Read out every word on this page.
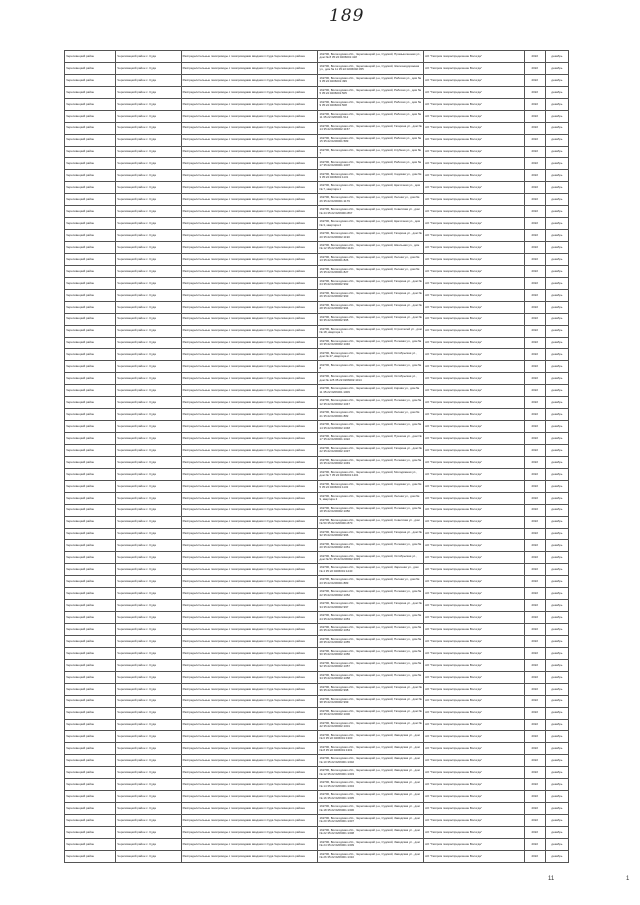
189
Череповецкий район	Череповецкий район с. Суда	Распределительные газопроводы с газопроводами вводами п.Суда Череповецкого района	162700, Вологодская обл., Череповецкий р-н, Судский, Промышленная ул., дом № 8 35:22:0206001:418	АО "Газпром газораспределение Вологда"	2022	декабрь
Череповецкий район	Череповецкий район с. Суда	Распределительные газопроводы с газопроводами вводами п.Суда Череповецкого района	162700, Вологодская обл., Череповецкий р-н, Судский, Железнодорожная ул., дом № 11 35:22:0206002:455	АО "Газпром газораспределение Вологда"	2022	декабрь
Череповецкий район	Череповецкий район с. Суда	Распределительные газопроводы с газопроводами вводами п.Суда Череповецкого района	162700, Вологодская обл., Череповецкий р-н, Судский, Рабочая ул., дом № 3 35:22:0206001:499	АО "Газпром газораспределение Вологда"	2022	декабрь
Череповецкий район	Череповецкий район с. Суда	Распределительные газопроводы с газопроводами вводами п.Суда Череповецкого района	162700, Вологодская обл., Череповецкий р-н, Судский, Рабочая ул., дом № 5 35:22:0206001:505	АО "Газпром газораспределение Вологда"	2022	декабрь
Череповецкий район	Череповецкий район с. Суда	Распределительные газопроводы с газопроводами вводами п.Суда Череповецкого района	162700, Вологодская обл., Череповецкий р-н, Судский, Рабочая ул., дом № 9 35:22:0206001:508	АО "Газпром газораспределение Вологда"	2022	декабрь
Череповецкий район	Череповецкий район с. Суда	Распределительные газопроводы с газопроводами вводами п.Суда Череповецкого района	162700, Вологодская обл., Череповецкий р-н, Судский, Рабочая ул., дом № 11 35:22:0206001:512	АО "Газпром газораспределение Вологда"	2022	декабрь
Череповецкий район	Череповецкий район с. Суда	Распределительные газопроводы с газопроводами вводами п.Суда Череповецкого района	162700, Вологодская обл., Череповецкий р-н, Судский, Гагарина ул., дом № 14 35:22:0206002:1157	АО "Газпром газораспределение Вологда"	2022	декабрь
Череповецкий район	Череповецкий район с. Суда	Распределительные газопроводы с газопроводами вводами п.Суда Череповецкого района	162700, Вологодская обл., Череповецкий р-н, Судский, Рабочая ул., дом № 15 35:22:0206001:583	АО "Газпром газораспределение Вологда"	2022	декабрь
Череповецкий район	Череповецкий район с. Суда	Распределительные газопроводы с газопроводами вводами п.Суда Череповецкого района	162700, Вологодская обл., Череповецкий р-н, Судский, Клубная ул., дом № 7	АО "Газпром газораспределение Вологда"	2022	декабрь
Череповецкий район	Череповецкий район с. Суда	Распределительные газопроводы с газопроводами вводами п.Суда Череповецкого района	162700, Вологодская обл., Череповецкий р-н, Судский, Рабочая ул., дом № 17 35:22:0206001:1007	АО "Газпром газораспределение Вологда"	2022	декабрь
Череповецкий район	Череповецкий район с. Суда	Распределительные газопроводы с газопроводами вводами п.Суда Череповецкого района	162700, Вологодская обл., Череповецкий р-н, Судский, Садовая ул., дом № 3 35:22:0206001:1131	АО "Газпром газораспределение Вологда"	2022	декабрь
Череповецкий район	Череповецкий район с. Суда	Распределительные газопроводы с газопроводами вводами п.Суда Череповецкого района	162700, Вологодская обл., Череповецкий р-н, Судский, Цветочная ул., дом № 7, квартира 1	АО "Газпром газораспределение Вологда"	2022	декабрь
Череповецкий район	Череповецкий район с. Суда	Распределительные газопроводы с газопроводами вводами п.Суда Череповецкого района	162700, Вологодская обл., Череповецкий р-н, Судский, Лесная ул., дом № 26 35:22:0206001:1179	АО "Газпром газораспределение Вологда"	2022	декабрь
Череповецкий район	Череповецкий район с. Суда	Распределительные газопроводы с газопроводами вводами п.Суда Череповецкого района	162700, Вологодская обл., Череповецкий р-н, Судский, Советская ул., дом № 44 35:22:0206001:867	АО "Газпром газораспределение Вологда"	2022	декабрь
Череповецкий район	Череповецкий район с. Суда	Распределительные газопроводы с газопроводами вводами п.Суда Череповецкого района	162700, Вологодская обл., Череповецкий р-н, Судский, Цветочная ул., дом № 3, квартира 2	АО "Газпром газораспределение Вологда"	2022	декабрь
Череповецкий район	Череповецкий район с. Суда	Распределительные газопроводы с газопроводами вводами п.Суда Череповецкого района	162700, Вологодская обл., Череповецкий р-н, Судский, Гагарина ул., дом № 20 35:22:0206002:1190	АО "Газпром газораспределение Вологда"	2022	декабрь
Череповецкий район	Череповецкий район с. Суда	Распределительные газопроводы с газопроводами вводами п.Суда Череповецкого района	162700, Вологодская обл., Череповецкий р-н, Судский, Школьная ул., дом № 12 35:22:0206002:1121	АО "Газпром газораспределение Вологда"	2022	декабрь
Череповецкий район	Череповецкий район с. Суда	Распределительные газопроводы с газопроводами вводами п.Суда Череповецкого района	162700, Вологодская обл., Череповецкий р-н, Судский, Лесная ул., дом № 13 35:22:0206001:826	АО "Газпром газораспределение Вологда"	2022	декабрь
Череповецкий район	Череповецкий район с. Суда	Распределительные газопроводы с газопроводами вводами п.Суда Череповецкого района	162700, Вологодская обл., Череповецкий р-н, Судский, Лесная ул., дом № 15 35:22:0206001:827	АО "Газпром газораспределение Вологда"	2022	декабрь
Череповецкий район	Череповецкий район с. Суда	Распределительные газопроводы с газопроводами вводами п.Суда Череповецкого района	162700, Вологодская обл., Череповецкий р-н, Судский, Гагарина ул., дом № 24 35:22:0206002:992	АО "Газпром газораспределение Вологда"	2022	декабрь
Череповецкий район	Череповецкий район с. Суда	Распределительные газопроводы с газопроводами вводами п.Суда Череповецкого района	162700, Вологодская обл., Череповецкий р-н, Судский, Гагарина ул., дом № 26 35:22:0206002:993	АО "Газпром газораспределение Вологда"	2022	декабрь
Череповецкий район	Череповецкий район с. Суда	Распределительные газопроводы с газопроводами вводами п.Суда Череповецкого района	162700, Вологодская обл., Череповецкий р-н, Судский, Гагарина ул., дом № 28 35:22:0206002:994	АО "Газпром газораспределение Вологда"	2022	декабрь
Череповецкий район	Череповецкий район с. Суда	Распределительные газопроводы с газопроводами вводами п.Суда Череповецкого района	162700, Вологодская обл., Череповецкий р-н, Судский, Гагарина ул., дом № 30 35:22:0206002:995	АО "Газпром газораспределение Вологда"	2022	декабрь
Череповецкий район	Череповецкий район с. Суда	Распределительные газопроводы с газопроводами вводами п.Суда Череповецкого района	162700, Вологодская обл., Череповецкий р-н, Судский, Строителей ул., дом № 18, квартира 1	АО "Газпром газораспределение Вологда"	2022	декабрь
Череповецкий район	Череповецкий район с. Суда	Распределительные газопроводы с газопроводами вводами п.Суда Череповецкого района	162700, Вологодская обл., Череповецкий р-н, Судский, Полевая ул., дом № 10 35:22:0206002:1046	АО "Газпром газораспределение Вологда"	2022	декабрь
Череповецкий район	Череповецкий район с. Суда	Распределительные газопроводы с газопроводами вводами п.Суда Череповецкого района	162700, Вологодская обл., Череповецкий р-н, Судский, Октябрьская ул., дом № 47, квартира 2	АО "Газпром газораспределение Вологда"	2022	декабрь
Череповецкий район	Череповецкий район с. Суда	Распределительные газопроводы с газопроводами вводами п.Суда Череповецкого района	162700, Вологодская обл., Череповецкий р-н, Судский, Полевая ул., дом № 8	АО "Газпром газораспределение Вологда"	2022	декабрь
Череповецкий район	Череповецкий район с. Суда	Распределительные газопроводы с газопроводами вводами п.Суда Череповецкого района	162700, Вологодская обл., Череповецкий р-н, Судский, Октябрьская ул., дом № 125 35:22:0206002:1014	АО "Газпром газораспределение Вологда"	2022	декабрь
Череповецкий район	Череповецкий район с. Суда	Распределительные газопроводы с газопроводами вводами п.Суда Череповецкого района	162700, Вологодская обл., Череповецкий р-н, Судский, Кирова ул., дом № 11 35:22:0206001:1009	АО "Газпром газораспределение Вологда"	2022	декабрь
Череповецкий район	Череповецкий район с. Суда	Распределительные газопроводы с газопроводами вводами п.Суда Череповецкого района	162700, Вологодская обл., Череповецкий р-н, Судский, Полевая ул., дом № 12 35:22:0206002:1047	АО "Газпром газораспределение Вологда"	2022	декабрь
Череповецкий район	Череповецкий район с. Суда	Распределительные газопроводы с газопроводами вводами п.Суда Череповецкого района	162700, Вологодская обл., Череповецкий р-н, Судский, Лесная ул., дом № 21 35:22:0206001:882	АО "Газпром газораспределение Вологда"	2022	декабрь
Череповецкий район	Череповецкий район с. Суда	Распределительные газопроводы с газопроводами вводами п.Суда Череповецкого района	162700, Вологодская обл., Череповецкий р-н, Судский, Полевая ул., дом № 14 35:22:0206002:1048	АО "Газпром газораспределение Вологда"	2022	декабрь
Череповецкий район	Череповецкий район с. Суда	Распределительные газопроводы с газопроводами вводами п.Суда Череповецкого района	162700, Вологодская обл., Череповецкий р-н, Судский, Пушкина ул., дом № 17 35:22:0206001:1022	АО "Газпром газораспределение Вологда"	2022	декабрь
Череповецкий район	Череповецкий район с. Суда	Распределительные газопроводы с газопроводами вводами п.Суда Череповецкого района	162700, Вологодская обл., Череповецкий р-н, Судский, Гагарина ул., дом № 22 35:22:0206002:1037	АО "Газпром газораспределение Вологда"	2022	декабрь
Череповецкий район	Череповецкий район с. Суда	Распределительные газопроводы с газопроводами вводами п.Суда Череповецкого района	162700, Вологодская обл., Череповецкий р-н, Судский, Полевая ул., дом № 16 35:22:0206002:1049	АО "Газпром газораспределение Вологда"	2022	декабрь
Череповецкий район	Череповецкий район с. Суда	Распределительные газопроводы с газопроводами вводами п.Суда Череповецкого района	162700, Вологодская обл., Череповецкий р-н, Судский, Молодёжная ул., дом № 7 35:22:0206001:1201	АО "Газпром газораспределение Вологда"	2022	декабрь
Череповецкий район	Череповецкий район с. Суда	Распределительные газопроводы с газопроводами вводами п.Суда Череповецкого района	162700, Вологодская обл., Череповецкий р-н, Судский, Садовая ул., дом № 5 35:22:0206001:1132	АО "Газпром газораспределение Вологда"	2022	декабрь
Череповецкий район	Череповецкий район с. Суда	Распределительные газопроводы с газопроводами вводами п.Суда Череповецкого района	162700, Вологодская обл., Череповецкий р-н, Судский, Лесная ул., дом № 9, квартира 2	АО "Газпром газораспределение Вологда"	2022	декабрь
Череповецкий район	Череповецкий район с. Суда	Распределительные газопроводы с газопроводами вводами п.Суда Череповецкого района	162700, Вологодская обл., Череповецкий р-н, Судский, Полевая ул., дом № 18 35:22:0206002:1050	АО "Газпром газораспределение Вологда"	2022	декабрь
Череповецкий район	Череповецкий район с. Суда	Распределительные газопроводы с газопроводами вводами п.Суда Череповецкого района	162700, Вологодская обл., Череповецкий р-н, Судский, Советская ул., дом № 50 35:22:0206001:870	АО "Газпром газораспределение Вологда"	2022	декабрь
Череповецкий район	Череповецкий район с. Суда	Распределительные газопроводы с газопроводами вводами п.Суда Череповецкого района	162700, Вологодская обл., Череповецкий р-н, Судский, Гагарина ул., дом № 32 35:22:0206002:996	АО "Газпром газораспределение Вологда"	2022	декабрь
Череповецкий район	Череповецкий район с. Суда	Распределительные газопроводы с газопроводами вводами п.Суда Череповецкого района	162700, Вологодская обл., Череповецкий р-н, Судский, Полевая ул., дом № 20 35:22:0206002:1051	АО "Газпром газораспределение Вологда"	2022	декабрь
Череповецкий район	Череповецкий район с. Суда	Распределительные газопроводы с газопроводами вводами п.Суда Череповецкого района	162700, Вологодская обл., Череповецкий р-н, Судский, Октябрьская ул., дом № 51 35:22:0206002:1015	АО "Газпром газораспределение Вологда"	2022	декабрь
Череповецкий район	Череповецкий район с. Суда	Распределительные газопроводы с газопроводами вводами п.Суда Череповецкого района	162700, Вологодская обл., Череповецкий р-н, Судский, Заречная ул., дом № 4 35:22:0206001:1240	АО "Газпром газораспределение Вологда"	2022	декабрь
Череповецкий район	Череповецкий район с. Суда	Распределительные газопроводы с газопроводами вводами п.Суда Череповецкого района	162700, Вологодская обл., Череповецкий р-н, Судский, Лесная ул., дом № 23 35:22:0206001:883	АО "Газпром газораспределение Вологда"	2022	декабрь
Череповецкий район	Череповецкий район с. Суда	Распределительные газопроводы с газопроводами вводами п.Суда Череповецкого района	162700, Вологодская обл., Череповецкий р-н, Судский, Полевая ул., дом № 22 35:22:0206002:1052	АО "Газпром газораспределение Вологда"	2022	декабрь
Череповецкий район	Череповецкий район с. Суда	Распределительные газопроводы с газопроводами вводами п.Суда Череповецкого района	162700, Вологодская обл., Череповецкий р-н, Судский, Гагарина ул., дом № 34 35:22:0206002:997	АО "Газпром газораспределение Вологда"	2022	декабрь
Череповецкий район	Череповецкий район с. Суда	Распределительные газопроводы с газопроводами вводами п.Суда Череповецкого района	162700, Вологодская обл., Череповецкий р-н, Судский, Полевая ул., дом № 24 35:22:0206002:1053	АО "Газпром газораспределение Вологда"	2022	декабрь
Череповецкий район	Череповецкий район с. Суда	Распределительные газопроводы с газопроводами вводами п.Суда Череповецкого района	162700, Вологодская обл., Череповецкий р-н, Судский, Полевая ул., дом № 26 35:22:0206002:1054	АО "Газпром газораспределение Вологда"	2022	декабрь
Череповецкий район	Череповецкий район с. Суда	Распределительные газопроводы с газопроводами вводами п.Суда Череповецкого района	162700, Вологодская обл., Череповецкий р-н, Судский, Полевая ул., дом № 28 35:22:0206002:1055	АО "Газпром газораспределение Вологда"	2022	декабрь
Череповецкий район	Череповецкий район с. Суда	Распределительные газопроводы с газопроводами вводами п.Суда Череповецкого района	162700, Вологодская обл., Череповецкий р-н, Судский, Полевая ул., дом № 30 35:22:0206002:1056	АО "Газпром газораспределение Вологда"	2022	декабрь
Череповецкий район	Череповецкий район с. Суда	Распределительные газопроводы с газопроводами вводами п.Суда Череповецкого района	162700, Вологодская обл., Череповецкий р-н, Судский, Полевая ул., дом № 32 35:22:0206002:1057	АО "Газпром газораспределение Вологда"	2022	декабрь
Череповецкий район	Череповецкий район с. Суда	Распределительные газопроводы с газопроводами вводами п.Суда Череповецкого района	162700, Вологодская обл., Череповецкий р-н, Судский, Полевая ул., дом № 34 35:22:0206002:1058	АО "Газпром газораспределение Вологда"	2022	декабрь
Череповецкий район	Череповецкий район с. Суда	Распределительные газопроводы с газопроводами вводами п.Суда Череповецкого района	162700, Вологодская обл., Череповецкий р-н, Судский, Гагарина ул., дом № 36 35:22:0206002:998	АО "Газпром газораспределение Вологда"	2022	декабрь
Череповецкий район	Череповецкий район с. Суда	Распределительные газопроводы с газопроводами вводами п.Суда Череповецкого района	162700, Вологодская обл., Череповецкий р-н, Судский, Гагарина ул., дом № 38 35:22:0206002:999	АО "Газпром газораспределение Вологда"	2022	декабрь
Череповецкий район	Череповецкий район с. Суда	Распределительные газопроводы с газопроводами вводами п.Суда Череповецкого района	162700, Вологодская обл., Череповецкий р-н, Судский, Гагарина ул., дом № 40 35:22:0206002:1000	АО "Газпром газораспределение Вологда"	2022	декабрь
Череповецкий район	Череповецкий район с. Суда	Распределительные газопроводы с газопроводами вводами п.Суда Череповецкого района	162700, Вологодская обл., Череповецкий р-н, Судский, Гагарина ул., дом № 42 35:22:0206002:1001	АО "Газпром газораспределение Вологда"	2022	декабрь
Череповецкий район	Череповецкий район с. Суда	Распределительные газопроводы с газопроводами вводами п.Суда Череповецкого района	162700, Вологодская обл., Череповецкий р-н, Судский, Заводская ул., дом № 6 35:22:0206001:1300	АО "Газпром газораспределение Вологда"	2022	декабрь
Череповецкий район	Череповецкий район с. Суда	Распределительные газопроводы с газопроводами вводами п.Суда Череповецкого района	162700, Вологодская обл., Череповецкий р-н, Судский, Заводская ул., дом № 8 35:22:0206001:1301	АО "Газпром газораспределение Вологда"	2022	декабрь
Череповецкий район	Череповецкий район с. Суда	Распределительные газопроводы с газопроводами вводами п.Суда Череповецкого района	162700, Вологодская обл., Череповецкий р-н, Судский, Заводская ул., дом № 10 35:22:0206001:1302	АО "Газпром газораспределение Вологда"	2022	декабрь
Череповецкий район	Череповецкий район с. Суда	Распределительные газопроводы с газопроводами вводами п.Суда Череповецкого района	162700, Вологодская обл., Череповецкий р-н, Судский, Заводская ул., дом № 12 35:22:0206001:1303	АО "Газпром газораспределение Вологда"	2022	декабрь
Череповецкий район	Череповецкий район с. Суда	Распределительные газопроводы с газопроводами вводами п.Суда Череповецкого района	162700, Вологодская обл., Череповецкий р-н, Судский, Заводская ул., дом № 14 35:22:0206001:1304	АО "Газпром газораспределение Вологда"	2022	декабрь
Череповецкий район	Череповецкий район с. Суда	Распределительные газопроводы с газопроводами вводами п.Суда Череповецкого района	162700, Вологодская обл., Череповецкий р-н, Судский, Заводская ул., дом № 16 35:22:0206001:1305	АО "Газпром газораспределение Вологда"	2022	декабрь
Череповецкий район	Череповецкий район с. Суда	Распределительные газопроводы с газопроводами вводами п.Суда Череповецкого района	162700, Вологодская обл., Череповецкий р-н, Судский, Заводская ул., дом № 18 35:22:0206001:1306	АО "Газпром газораспределение Вологда"	2022	декабрь
Череповецкий район	Череповецкий район с. Суда	Распределительные газопроводы с газопроводами вводами п.Суда Череповецкого района	162700, Вологодская обл., Череповецкий р-н, Судский, Заводская ул., дом № 20 35:22:0206001:1307	АО "Газпром газораспределение Вологда"	2022	декабрь
Череповецкий район	Череповецкий район с. Суда	Распределительные газопроводы с газопроводами вводами п.Суда Череповецкого района	162700, Вологодская обл., Череповецкий р-н, Судский, Заводская ул., дом № 22 35:22:0206001:1308	АО "Газпром газораспределение Вологда"	2022	декабрь
Череповецкий район	Череповецкий район с. Суда	Распределительные газопроводы с газопроводами вводами п.Суда Череповецкого района	162700, Вологодская обл., Череповецкий р-н, Судский, Заводская ул., дом № 24 35:22:0206001:1309	АО "Газпром газораспределение Вологда"	2022	декабрь
Череповецкий район	Череповецкий район с. Суда	Распределительные газопроводы с газопроводами вводами п.Суда Череповецкого района	162700, Вологодская обл., Череповецкий р-н, Судский, Заводская ул., дом № 26 35:22:0206001:1310	АО "Газпром газораспределение Вологда"	2022	декабрь
11	1
